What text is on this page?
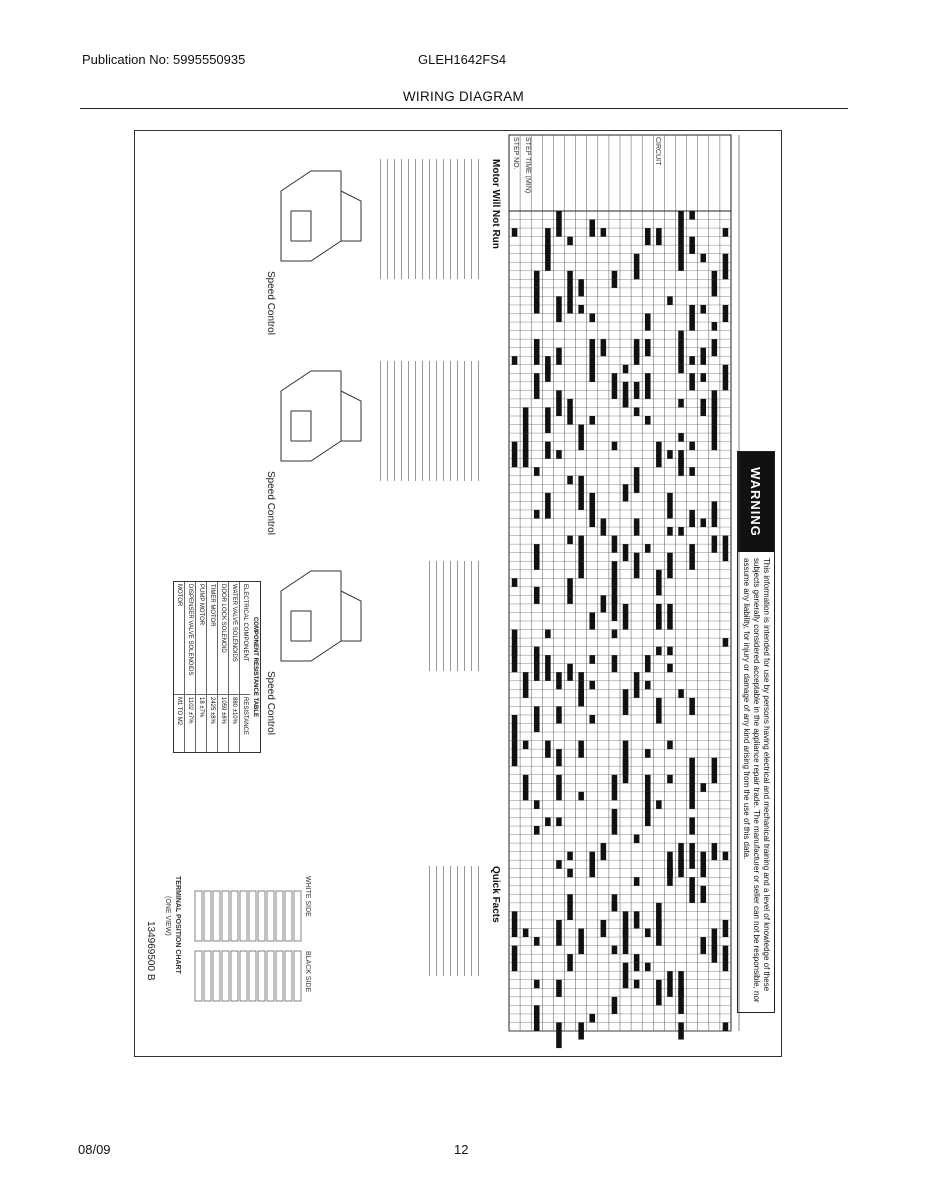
Publication No: 5995550935	GLEH1642FS4
WIRING DIAGRAM
WARNING
This information is intended for use by persons having electrical and mechanical training and a level of knowledge of these subjects generally considered acceptable in the appliance repair trade. The manufacturer or seller can not be responsible, nor assume any liability, for injury or damage of any kind arising from the use of this data.
CIRCUIT
STEP TIME (MIN)
STEP NO.
Motor Will Not Run
Quick Facts
Speed Control
Speed Control
Speed Control
COMPONENT RESISTANCE TABLE
ELECTRICAL COMPONENT
RESISTANCE
WATER VALVE SOLENOIDS
880 ±10%
DOOR LOCK SOLENOID
1059 ±8%
TIMER MOTOR
2425 ±8%
PUMP MOTOR
18 ±7%
DISPENSER VALVE SOLENOIDS
1102 ±7%
MOTOR
M1 TO M2
WHITE SIDE
BLACK SIDE
TERMINAL POSITION CHART
(ONE VIEW)
134969500 B
08/09	12
